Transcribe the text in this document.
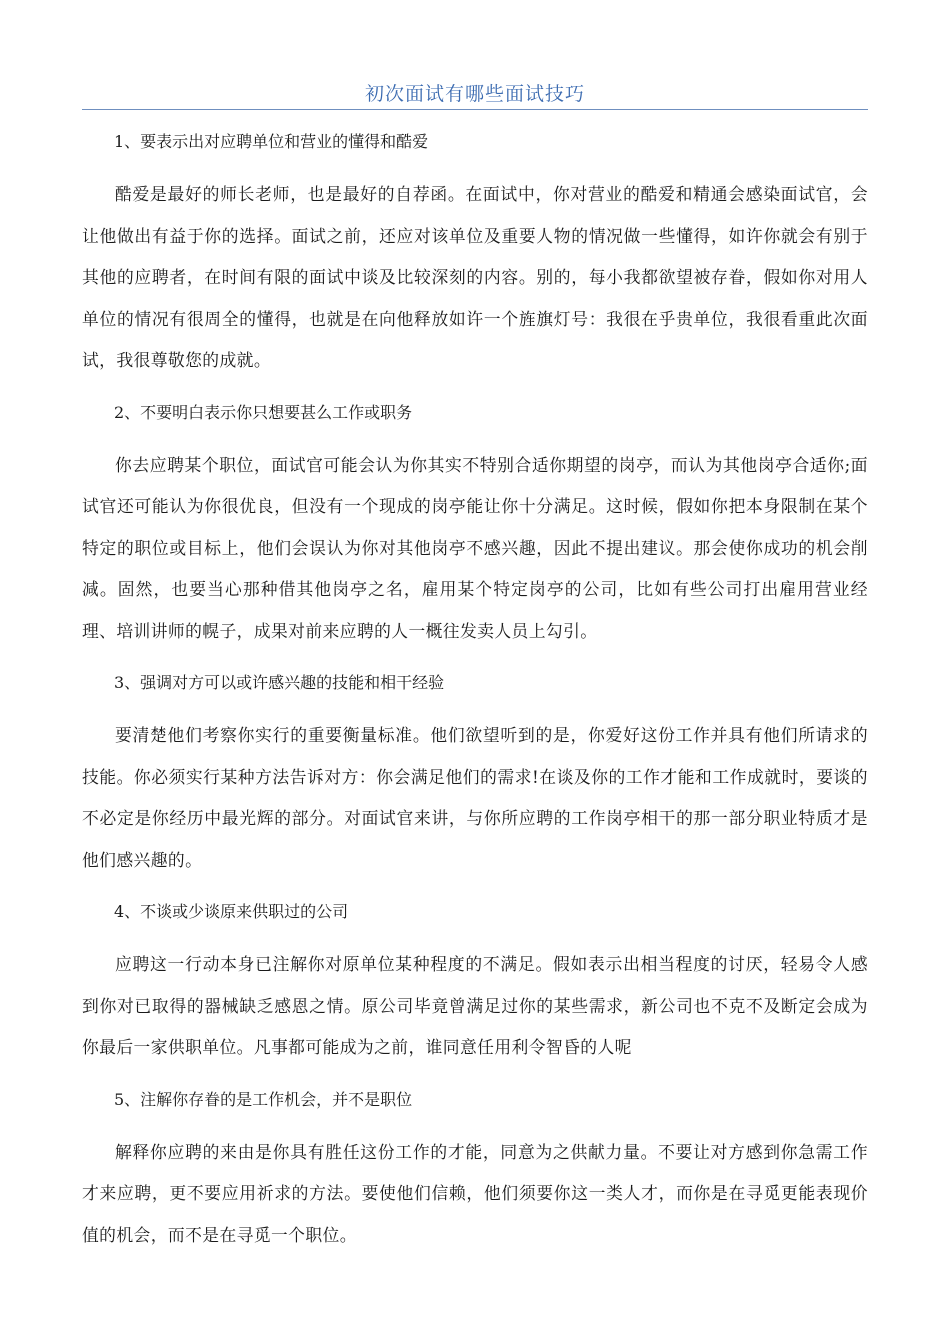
初次面试有哪些面试技巧

1、要表示出对应聘单位和营业的懂得和酷爱

酷爱是最好的师长老师，也是最好的自荐函。在面试中，你对营业的酷爱和精通会感染面试官，会让他做出有益于你的选择。面试之前，还应对该单位及重要人物的情况做一些懂得，如许你就会有别于其他的应聘者，在时间有限的面试中谈及比较深刻的内容。别的，每小我都欲望被存眷，假如你对用人单位的情况有很周全的懂得，也就是在向他释放如许一个旌旗灯号：我很在乎贵单位，我很看重此次面试，我很尊敬您的成就。

2、不要明白表示你只想要甚么工作或职务

你去应聘某个职位，面试官可能会认为你其实不特别合适你期望的岗亭，而认为其他岗亭合适你;面试官还可能认为你很优良，但没有一个现成的岗亭能让你十分满足。这时候，假如你把本身限制在某个特定的职位或目标上，他们会误认为你对其他岗亭不感兴趣，因此不提出建议。那会使你成功的机会削减。固然，也要当心那种借其他岗亭之名，雇用某个特定岗亭的公司，比如有些公司打出雇用营业经理、培训讲师的幌子，成果对前来应聘的人一概往发卖人员上勾引。

3、强调对方可以或许感兴趣的技能和相干经验

要清楚他们考察你实行的重要衡量标准。他们欲望听到的是，你爱好这份工作并具有他们所请求的技能。你必须实行某种方法告诉对方：你会满足他们的需求!在谈及你的工作才能和工作成就时，要谈的不必定是你经历中最光辉的部分。对面试官来讲，与你所应聘的工作岗亭相干的那一部分职业特质才是他们感兴趣的。

4、不谈或少谈原来供职过的公司

应聘这一行动本身已注解你对原单位某种程度的不满足。假如表示出相当程度的讨厌，轻易令人感到你对已取得的器械缺乏感恩之情。原公司毕竟曾满足过你的某些需求，新公司也不克不及断定会成为你最后一家供职单位。凡事都可能成为之前，谁同意任用利令智昏的人呢

5、注解你存眷的是工作机会，并不是职位

解释你应聘的来由是你具有胜任这份工作的才能，同意为之供献力量。不要让对方感到你急需工作才来应聘，更不要应用祈求的方法。要使他们信赖，他们须要你这一类人才，而你是在寻觅更能表现价值的机会，而不是在寻觅一个职位。
